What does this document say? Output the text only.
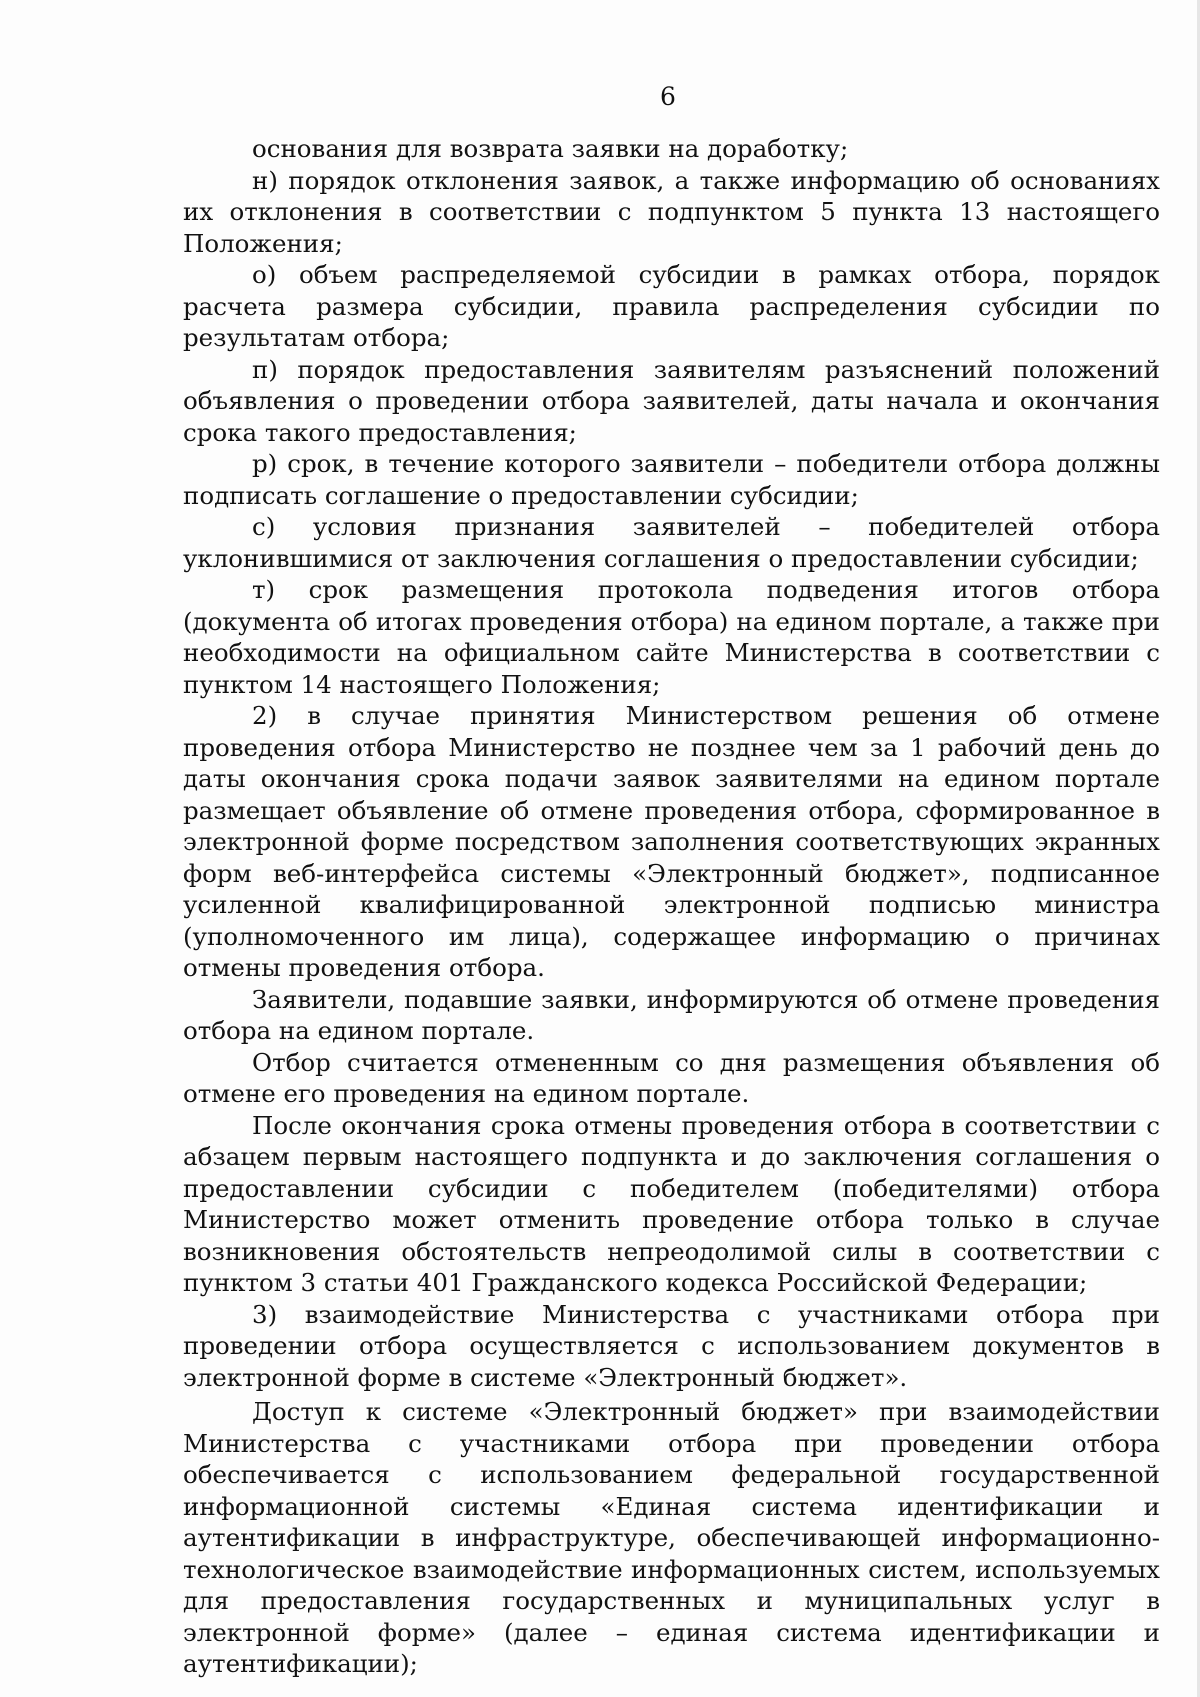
6

основания для возврата заявки на доработку;

н) порядок отклонения заявок, а также информацию об основаниях их отклонения в соответствии с подпунктом 5 пункта 13 настоящего Положения;

о) объем распределяемой субсидии в рамках отбора, порядок расчета размера субсидии, правила распределения субсидии по результатам отбора;

п) порядок предоставления заявителям разъяснений положений объявления о проведении отбора заявителей, даты начала и окончания срока такого предоставления;

р) срок, в течение которого заявители – победители отбора должны подписать соглашение о предоставлении субсидии;

с) условия признания заявителей – победителей отбора уклонившимися от заключения соглашения о предоставлении субсидии;

т) срок размещения протокола подведения итогов отбора (документа об итогах проведения отбора) на едином портале, а также при необходимости на официальном сайте Министерства в соответствии с пунктом 14 настоящего Положения;

2) в случае принятия Министерством решения об отмене проведения отбора Министерство не позднее чем за 1 рабочий день до даты окончания срока подачи заявок заявителями на едином портале размещает объявление об отмене проведения отбора, сформированное в электронной форме посредством заполнения соответствующих экранных форм веб-интерфейса системы «Электронный бюджет», подписанное усиленной квалифицированной электронной подписью министра (уполномоченного им лица), содержащее информацию о причинах отмены проведения отбора.

Заявители, подавшие заявки, информируются об отмене проведения отбора на едином портале.

Отбор считается отмененным со дня размещения объявления об отмене его проведения на едином портале.

После окончания срока отмены проведения отбора в соответствии с абзацем первым настоящего подпункта и до заключения соглашения о предоставлении субсидии с победителем (победителями) отбора Министерство может отменить проведение отбора только в случае возникновения обстоятельств непреодолимой силы в соответствии с пунктом 3 статьи 401 Гражданского кодекса Российской Федерации;

3) взаимодействие Министерства с участниками отбора при проведении отбора осуществляется с использованием документов в электронной форме в системе «Электронный бюджет».

Доступ к системе «Электронный бюджет» при взаимодействии Министерства с участниками отбора при проведении отбора обеспечивается с использованием федеральной государственной информационной системы «Единая система идентификации и аутентификации в инфраструктуре, обеспечивающей информационно-технологическое взаимодействие информационных систем, используемых для предоставления государственных и муниципальных услуг в электронной форме» (далее – единая система идентификации и аутентификации);
